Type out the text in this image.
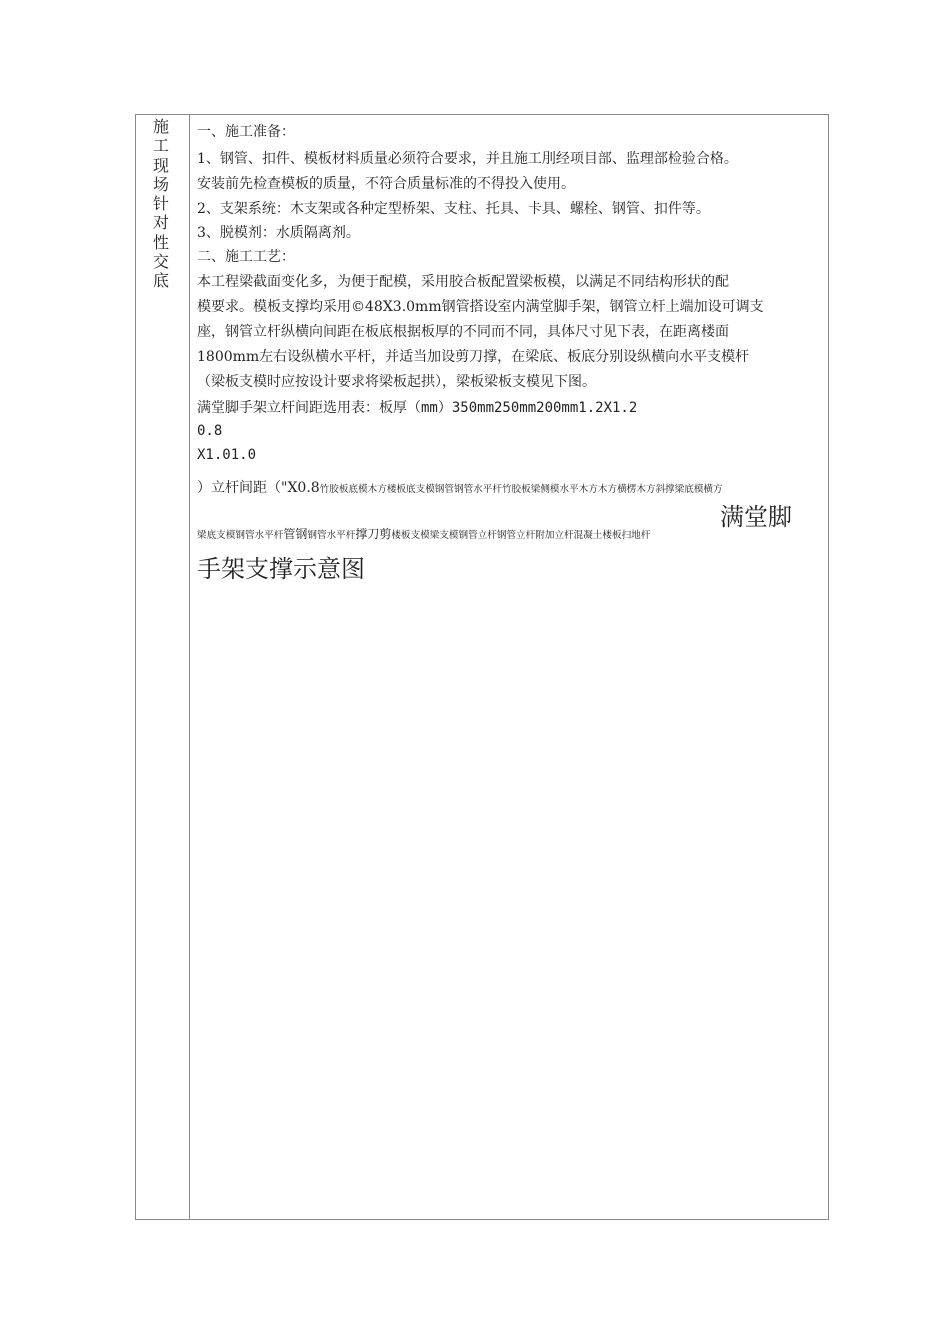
施工现场针对性交底
一、施工准备：
1、钢管、扣件、模板材料质量必须符合要求，并且施工刖经项目部、监理部检验合格。
安装前先检查模板的质量，不符合质量标准的不得投入使用。
2、支架系统：木支架或各种定型桥架、支柱、托具、卡具、螺栓、钢管、扣件等。
3、脱模剂：水质隔离剂。
二、施工工艺：
本工程梁截面变化多，为便于配模，采用胶合板配置梁板模，以满足不同结构形状的配
模要求。模板支撑均采用©48X3.0mm钢管搭设室内满堂脚手架，钢管立杆上端加设可调支
座，钢管立杆纵横向间距在板底根据板厚的不同而不同，具体尺寸见下表，在距离楼面
1800mm左右设纵横水平杆，并适当加设剪刀撑，在梁底、板底分别设纵横向水平支模杆
（梁板支模时应按设计要求将梁板起拱），梁板梁板支模见下图。
满堂脚手架立杆间距选用表：板厚（mm）350mm250mm200mm1.2X1.2
0.8
X1.01.0
）立杆间距（"X0.8竹胶板底模木方楼板底支模钢管钢管水平杆竹胶板梁侧模水平木方木方横楞木方斜撑梁底模横方
满堂脚
梁底支模钢管水平杆管钢钢管水平杆撑刀剪楼板支模梁支模钢管立杆钢管立杆附加立杆混凝土楼板扫地杆
手架支撑示意图
